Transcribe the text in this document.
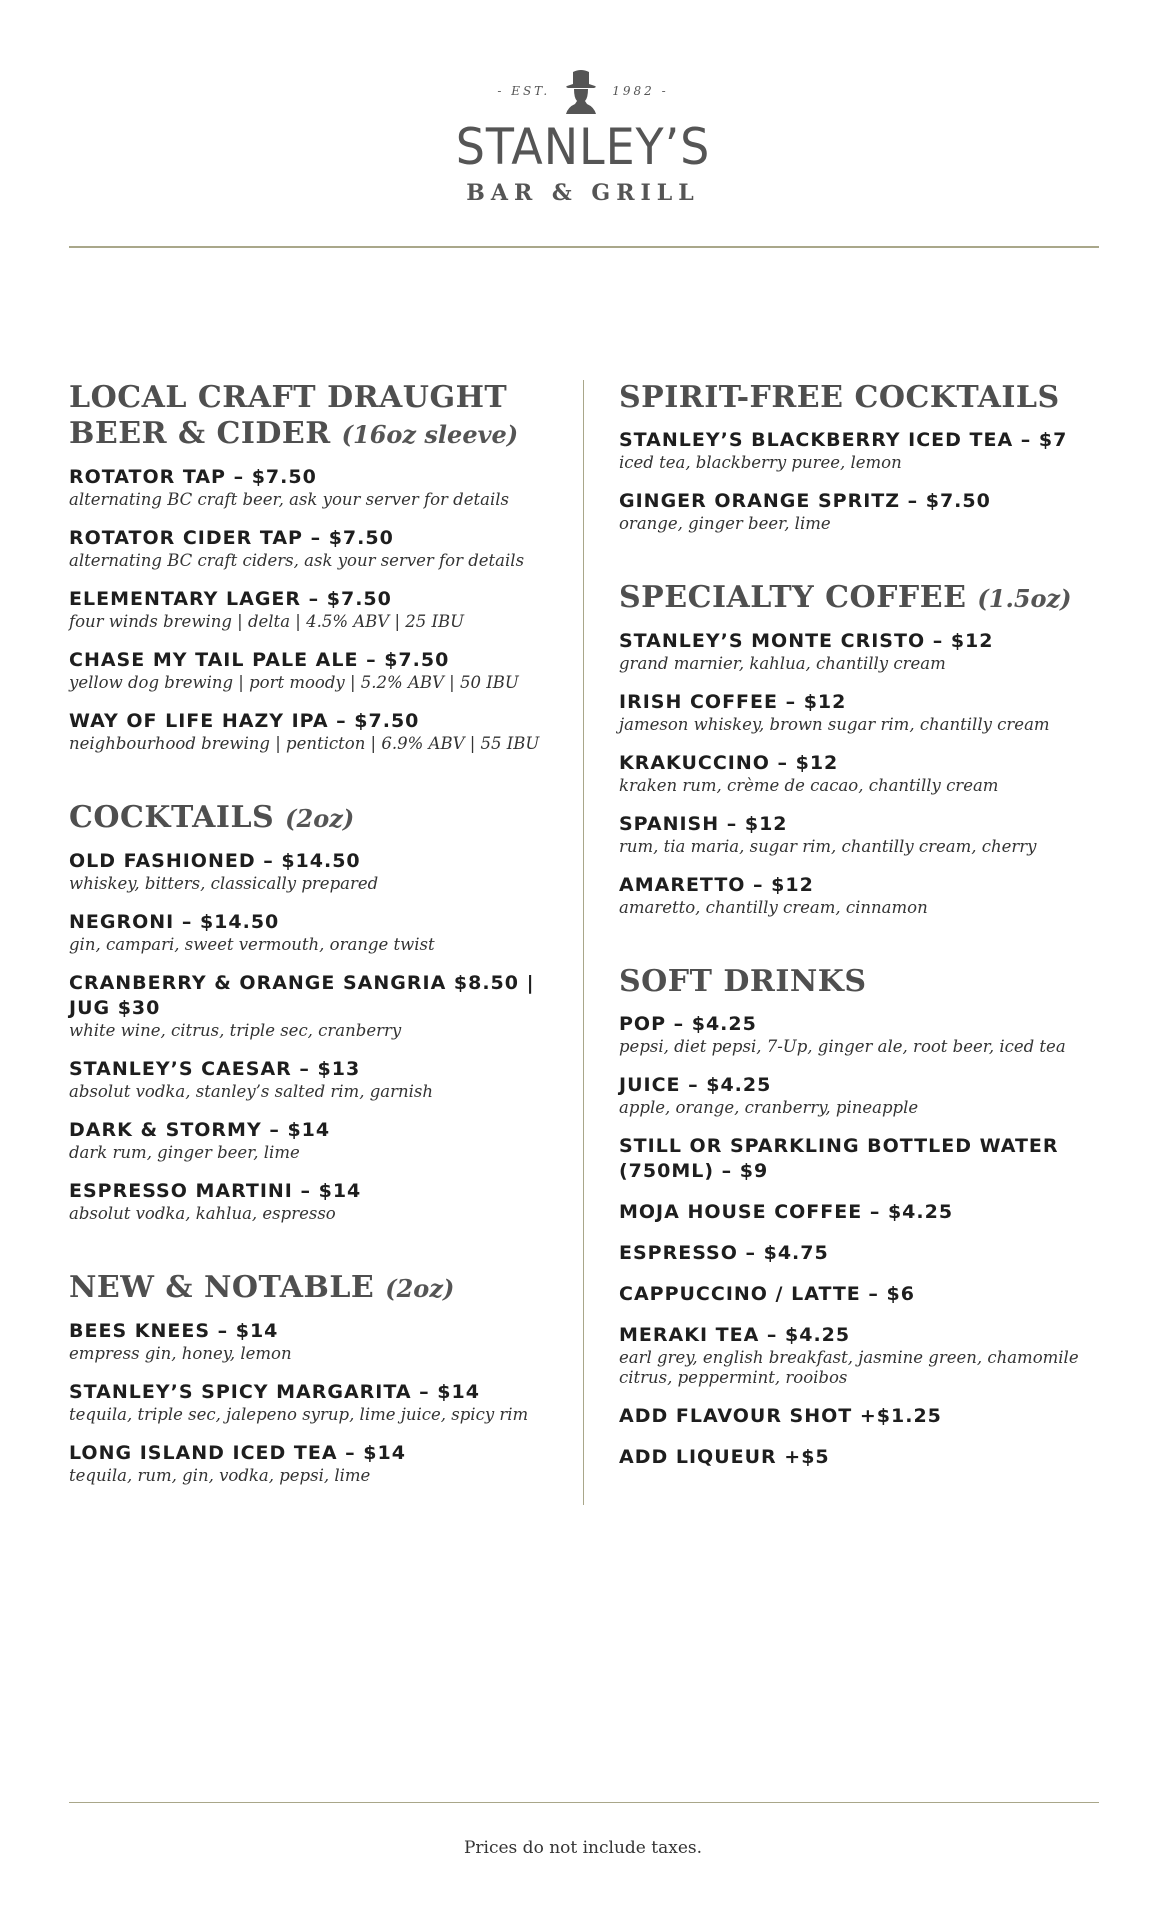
- EST.	1982 -
STANLEY’S
BAR & GRILL
LOCAL CRAFT DRAUGHT BEER & CIDER (16oz sleeve)
ROTATOR TAP – $7.50
alternating BC craft beer, ask your server for details
ROTATOR CIDER TAP – $7.50
alternating BC craft ciders, ask your server for details
ELEMENTARY LAGER – $7.50
four winds brewing | delta | 4.5% ABV | 25 IBU
CHASE MY TAIL PALE ALE – $7.50
yellow dog brewing | port moody | 5.2% ABV | 50 IBU
WAY OF LIFE HAZY IPA – $7.50
neighbourhood brewing | penticton | 6.9% ABV | 55 IBU
COCKTAILS (2oz)
OLD FASHIONED – $14.50
whiskey, bitters, classically prepared
NEGRONI – $14.50
gin, campari, sweet vermouth, orange twist
CRANBERRY & ORANGE SANGRIA $8.50 | JUG $30
white wine, citrus, triple sec, cranberry
STANLEY’S CAESAR – $13
absolut vodka, stanley’s salted rim, garnish
DARK & STORMY – $14
dark rum, ginger beer, lime
ESPRESSO MARTINI – $14
absolut vodka, kahlua, espresso
NEW & NOTABLE (2oz)
BEES KNEES – $14
empress gin, honey, lemon
STANLEY’S SPICY MARGARITA – $14
tequila, triple sec, jalepeno syrup, lime juice, spicy rim
LONG ISLAND ICED TEA – $14
tequila, rum, gin, vodka, pepsi, lime
SPIRIT-FREE COCKTAILS
STANLEY’S BLACKBERRY ICED TEA – $7
iced tea, blackberry puree, lemon
GINGER ORANGE SPRITZ – $7.50
orange, ginger beer, lime
SPECIALTY COFFEE (1.5oz)
STANLEY’S MONTE CRISTO – $12
grand marnier, kahlua, chantilly cream
IRISH COFFEE – $12
jameson whiskey, brown sugar rim, chantilly cream
KRAKUCCINO – $12
kraken rum, crème de cacao, chantilly cream
SPANISH – $12
rum, tia maria, sugar rim, chantilly cream, cherry
AMARETTO – $12
amaretto, chantilly cream, cinnamon
SOFT DRINKS
POP – $4.25
pepsi, diet pepsi, 7-Up, ginger ale, root beer, iced tea
JUICE – $4.25
apple, orange, cranberry, pineapple
STILL OR SPARKLING BOTTLED WATER (750ML) – $9
MOJA HOUSE COFFEE – $4.25
ESPRESSO – $4.75
CAPPUCCINO / LATTE – $6
MERAKI TEA – $4.25
earl grey, english breakfast, jasmine green, chamomile citrus, peppermint, rooibos
ADD FLAVOUR SHOT +$1.25
ADD LIQUEUR +$5
Prices do not include taxes.
